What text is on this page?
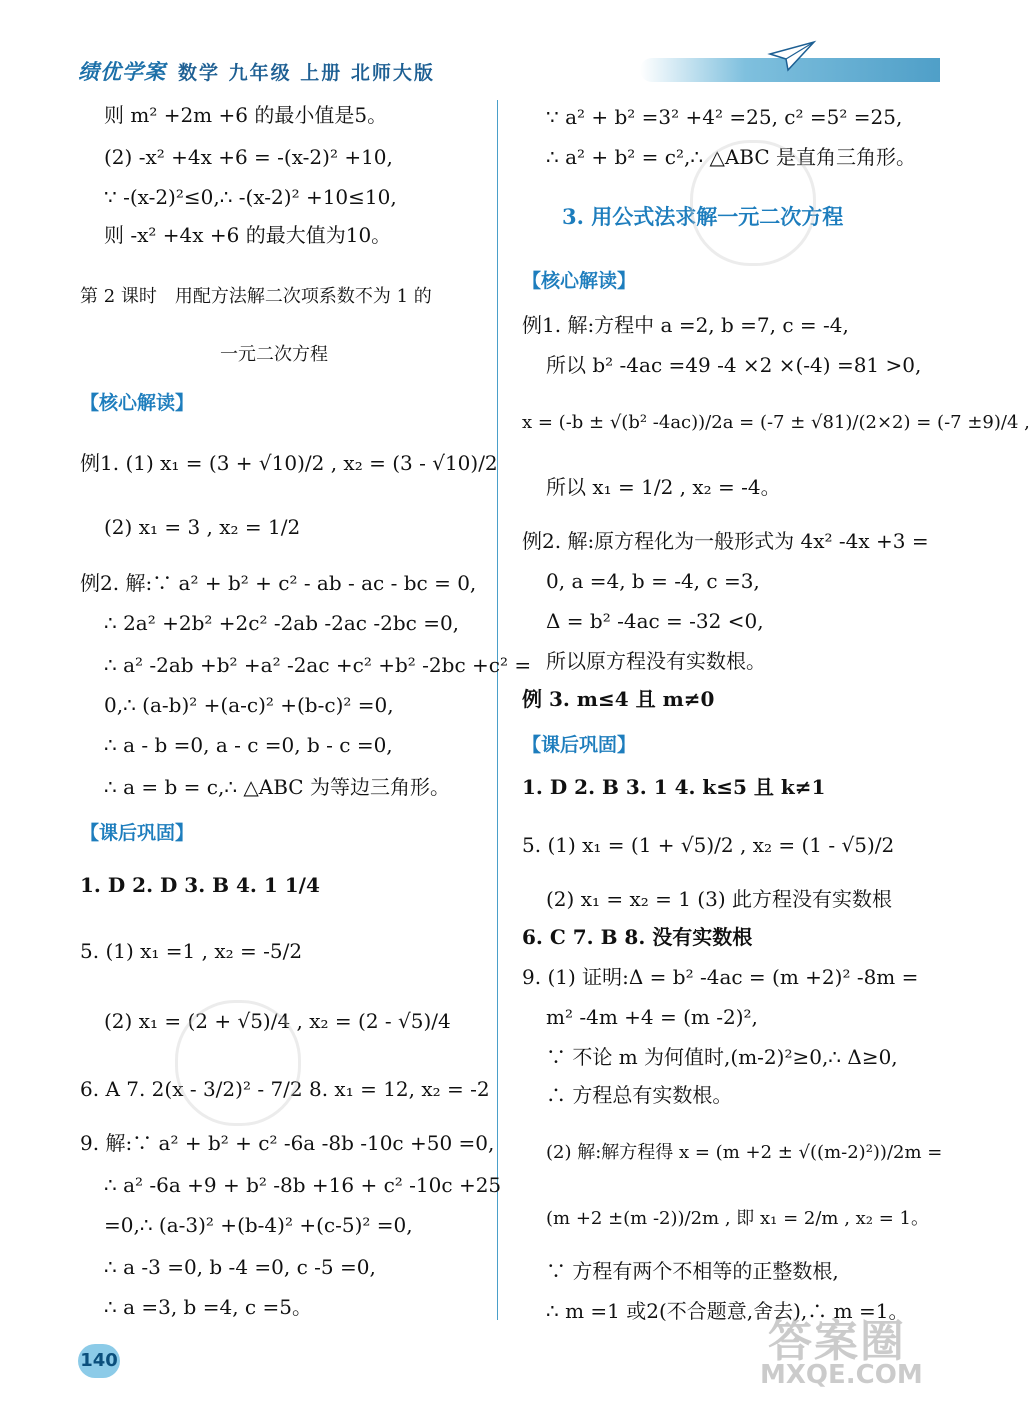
绩优学案 数学 九年级 上册 北师大版
则 m² +2m +6 的最小值是5。
(2) -x² +4x +6 = -(x-2)² +10,
∵ -(x-2)²≤0,∴ -(x-2)² +10≤10,
则 -x² +4x +6 的最大值为10。
第 2 课时　用配方法解二次项系数不为 1 的
一元二次方程
【核心解读】
例1. (1) x₁ = (3 + √10)/2 , x₂ = (3 - √10)/2
(2) x₁ = 3 , x₂ = 1/2
例2. 解:∵ a² + b² + c² - ab - ac - bc = 0,
∴ 2a² +2b² +2c² -2ab -2ac -2bc =0,
∴ a² -2ab +b² +a² -2ac +c² +b² -2bc +c² =
0,∴ (a-b)² +(a-c)² +(b-c)² =0,
∴ a - b =0, a - c =0, b - c =0,
∴ a = b = c,∴ △ABC 为等边三角形。
【课后巩固】
1. D 2. D 3. B 4. 1 1/4
5. (1) x₁ =1 , x₂ = -5/2
(2) x₁ = (2 + √5)/4 , x₂ = (2 - √5)/4
6. A 7. 2(x - 3/2)² - 7/2 8. x₁ = 12, x₂ = -2
9. 解:∵ a² + b² + c² -6a -8b -10c +50 =0,
∴ a² -6a +9 + b² -8b +16 + c² -10c +25
=0,∴ (a-3)² +(b-4)² +(c-5)² =0,
∴ a -3 =0, b -4 =0, c -5 =0,
∴ a =3, b =4, c =5。
∵ a² + b² =3² +4² =25, c² =5² =25,
∴ a² + b² = c²,∴ △ABC 是直角三角形。
3. 用公式法求解一元二次方程
【核心解读】
例1. 解:方程中 a =2, b =7, c = -4,
所以 b² -4ac =49 -4 ×2 ×(-4) =81 >0,
x = (-b ± √(b² -4ac))/2a = (-7 ± √81)/(2×2) = (-7 ±9)/4 ,
所以 x₁ = 1/2 , x₂ = -4。
例2. 解:原方程化为一般形式为 4x² -4x +3 =
0, a =4, b = -4, c =3,
Δ = b² -4ac = -32 <0,
所以原方程没有实数根。
例 3. m≤4 且 m≠0
【课后巩固】
1. D 2. B 3. 1 4. k≤5 且 k≠1
5. (1) x₁ = (1 + √5)/2 , x₂ = (1 - √5)/2
(2) x₁ = x₂ = 1 (3) 此方程没有实数根
6. C 7. B 8. 没有实数根
9. (1) 证明:Δ = b² -4ac = (m +2)² -8m =
m² -4m +4 = (m -2)²,
∵ 不论 m 为何值时,(m-2)²≥0,∴ Δ≥0,
∴ 方程总有实数根。
(2) 解:解方程得 x = (m +2 ± √((m-2)²))/2m =
(m +2 ±(m -2))/2m , 即 x₁ = 2/m , x₂ = 1。
∵ 方程有两个不相等的正整数根,
∴ m =1 或2(不合题意,舍去),∴ m =1。
140	答案圈
MXQE.COM
